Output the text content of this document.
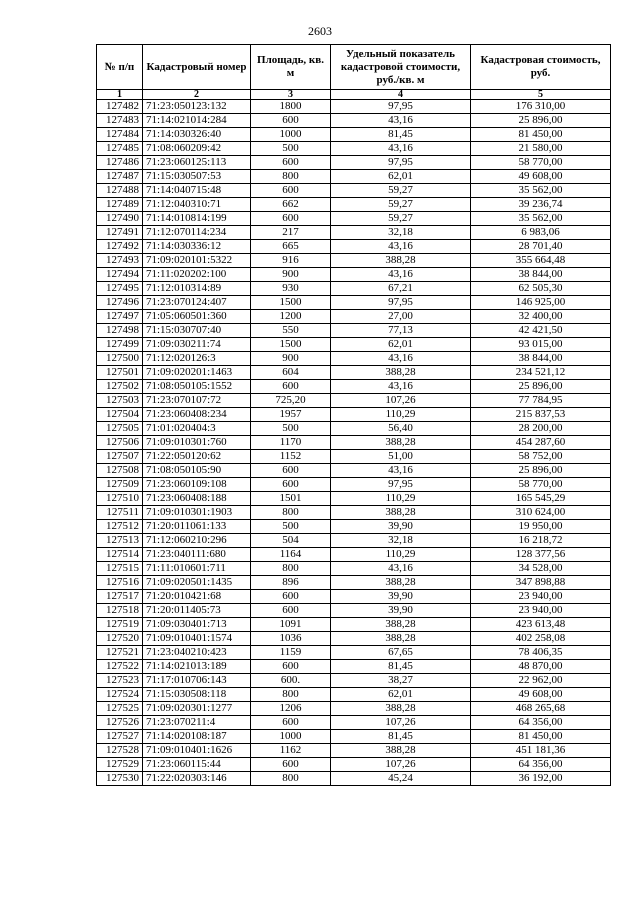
2603
№ п/п	Кадастровый номер	Площадь, кв. м	Удельный показатель кадастровой стоимости, руб./кв. м	Кадастровая стоимость, руб.
1	2	3	4	5
127482	71:23:050123:132	1800	97,95	176 310,00
127483	71:14:021014:284	600	43,16	25 896,00
127484	71:14:030326:40	1000	81,45	81 450,00
127485	71:08:060209:42	500	43,16	21 580,00
127486	71:23:060125:113	600	97,95	58 770,00
127487	71:15:030507:53	800	62,01	49 608,00
127488	71:14:040715:48	600	59,27	35 562,00
127489	71:12:040310:71	662	59,27	39 236,74
127490	71:14:010814:199	600	59,27	35 562,00
127491	71:12:070114:234	217	32,18	6 983,06
127492	71:14:030336:12	665	43,16	28 701,40
127493	71:09:020101:5322	916	388,28	355 664,48
127494	71:11:020202:100	900	43,16	38 844,00
127495	71:12:010314:89	930	67,21	62 505,30
127496	71:23:070124:407	1500	97,95	146 925,00
127497	71:05:060501:360	1200	27,00	32 400,00
127498	71:15:030707:40	550	77,13	42 421,50
127499	71:09:030211:74	1500	62,01	93 015,00
127500	71:12:020126:3	900	43,16	38 844,00
127501	71:09:020201:1463	604	388,28	234 521,12
127502	71:08:050105:1552	600	43,16	25 896,00
127503	71:23:070107:72	725,20	107,26	77 784,95
127504	71:23:060408:234	1957	110,29	215 837,53
127505	71:01:020404:3	500	56,40	28 200,00
127506	71:09:010301:760	1170	388,28	454 287,60
127507	71:22:050120:62	1152	51,00	58 752,00
127508	71:08:050105:90	600	43,16	25 896,00
127509	71:23:060109:108	600	97,95	58 770,00
127510	71:23:060408:188	1501	110,29	165 545,29
127511	71:09:010301:1903	800	388,28	310 624,00
127512	71:20:011061:133	500	39,90	19 950,00
127513	71:12:060210:296	504	32,18	16 218,72
127514	71:23:040111:680	1164	110,29	128 377,56
127515	71:11:010601:711	800	43,16	34 528,00
127516	71:09:020501:1435	896	388,28	347 898,88
127517	71:20:010421:68	600	39,90	23 940,00
127518	71:20:011405:73	600	39,90	23 940,00
127519	71:09:030401:713	1091	388,28	423 613,48
127520	71:09:010401:1574	1036	388,28	402 258,08
127521	71:23:040210:423	1159	67,65	78 406,35
127522	71:14:021013:189	600	81,45	48 870,00
127523	71:17:010706:143	600.	38,27	22 962,00
127524	71:15:030508:118	800	62,01	49 608,00
127525	71:09:020301:1277	1206	388,28	468 265,68
127526	71:23:070211:4	600	107,26	64 356,00
127527	71:14:020108:187	1000	81,45	81 450,00
127528	71:09:010401:1626	1162	388,28	451 181,36
127529	71:23:060115:44	600	107,26	64 356,00
127530	71:22:020303:146	800	45,24	36 192,00
